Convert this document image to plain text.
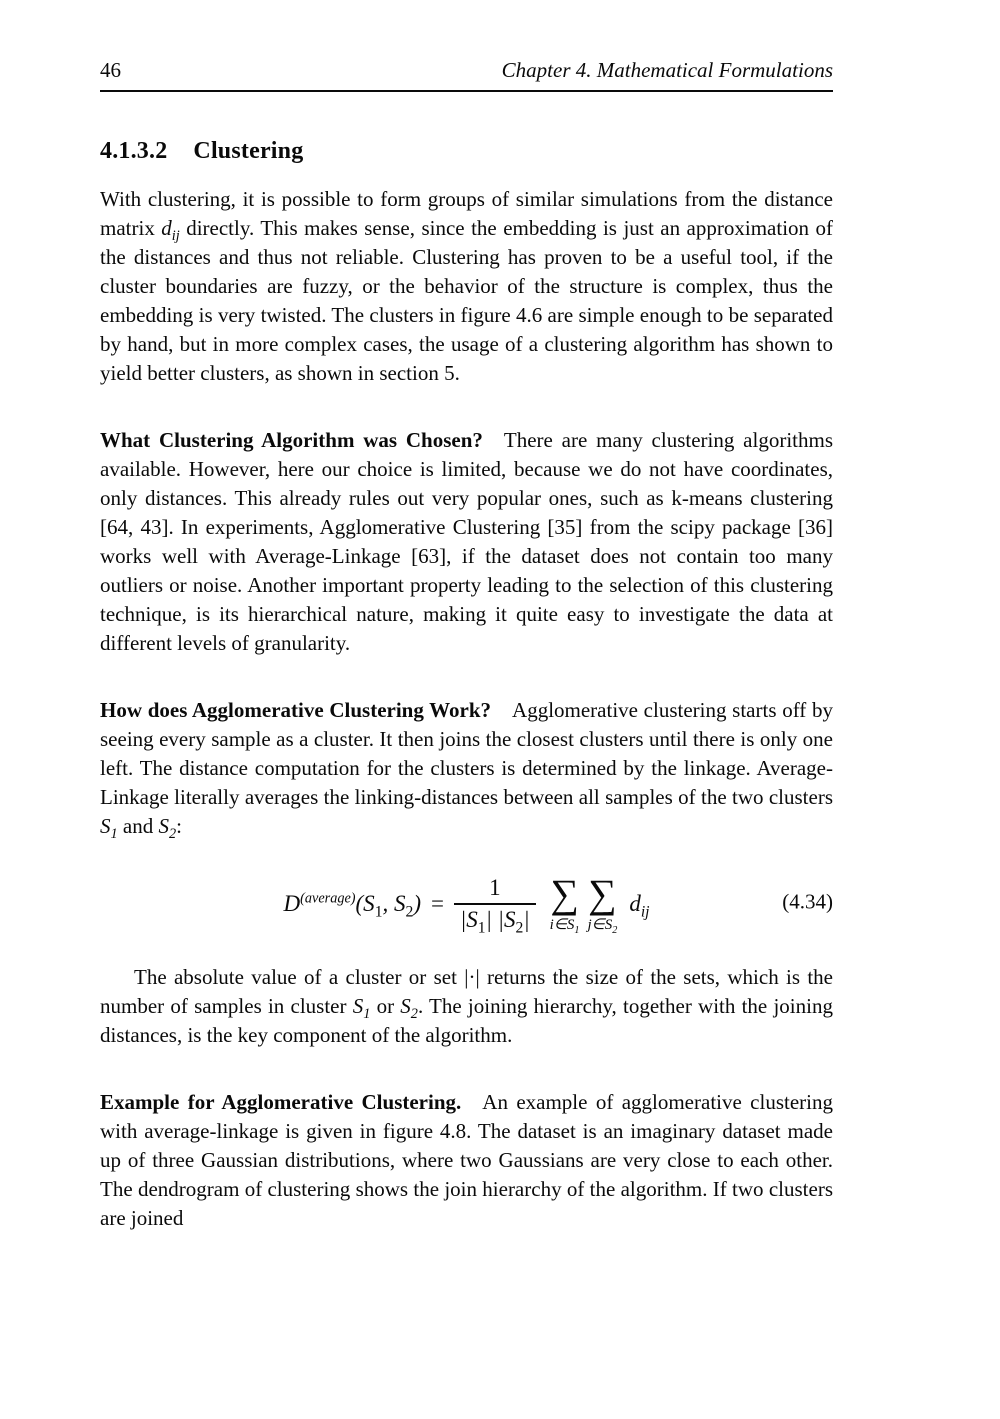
46	Chapter 4. Mathematical Formulations
4.1.3.2 Clustering

With clustering, it is possible to form groups of similar simulations from the distance matrix $d_{ij}$ directly. This makes sense, since the embedding is just an approximation of the distances and thus not reliable. Clustering has proven to be a useful tool, if the cluster boundaries are fuzzy, or the behavior of the structure is complex, thus the embedding is very twisted. The clusters in figure 4.6 are simple enough to be separated by hand, but in more complex cases, the usage of a clustering algorithm has shown to yield better clusters, as shown in section 5.

What Clustering Algorithm was Chosen? There are many clustering algorithms available. However, here our choice is limited, because we do not have coordinates, only distances. This already rules out very popular ones, such as k-means clustering [64, 43]. In experiments, Agglomerative Clustering [35] from the scipy package [36] works well with Average-Linkage [63], if the dataset does not contain too many outliers or noise. Another important property leading to the selection of this clustering technique, is its hierarchical nature, making it quite easy to investigate the data at different levels of granularity.

How does Agglomerative Clustering Work? Agglomerative clustering starts off by seeing every sample as a cluster. It then joins the closest clusters until there is only one left. The distance computation for the clusters is determined by the linkage. Average-Linkage literally averages the linking-distances between all samples of the two clusters $S_1$ and $S_2$:

$D^{(average)}(S_1$, $S_2) = \frac{1}{|S_1| |S_2|}$ ∑
$i\in S_1$
∑
$j\in S_2$
$d_{ij}$	(4.34)

The absolute value of a cluster or set |·| returns the size of the sets, which is the number of samples in cluster $S_1$ or $S_2$. The joining hierarchy, together with the joining distances, is the key component of the algorithm.

Example for Agglomerative Clustering. An example of agglomerative clustering with average-linkage is given in figure 4.8. The dataset is an imaginary dataset made up of three Gaussian distributions, where two Gaussians are very close to each other. The dendrogram of clustering shows the join hierarchy of the algorithm. If two clusters are joined
